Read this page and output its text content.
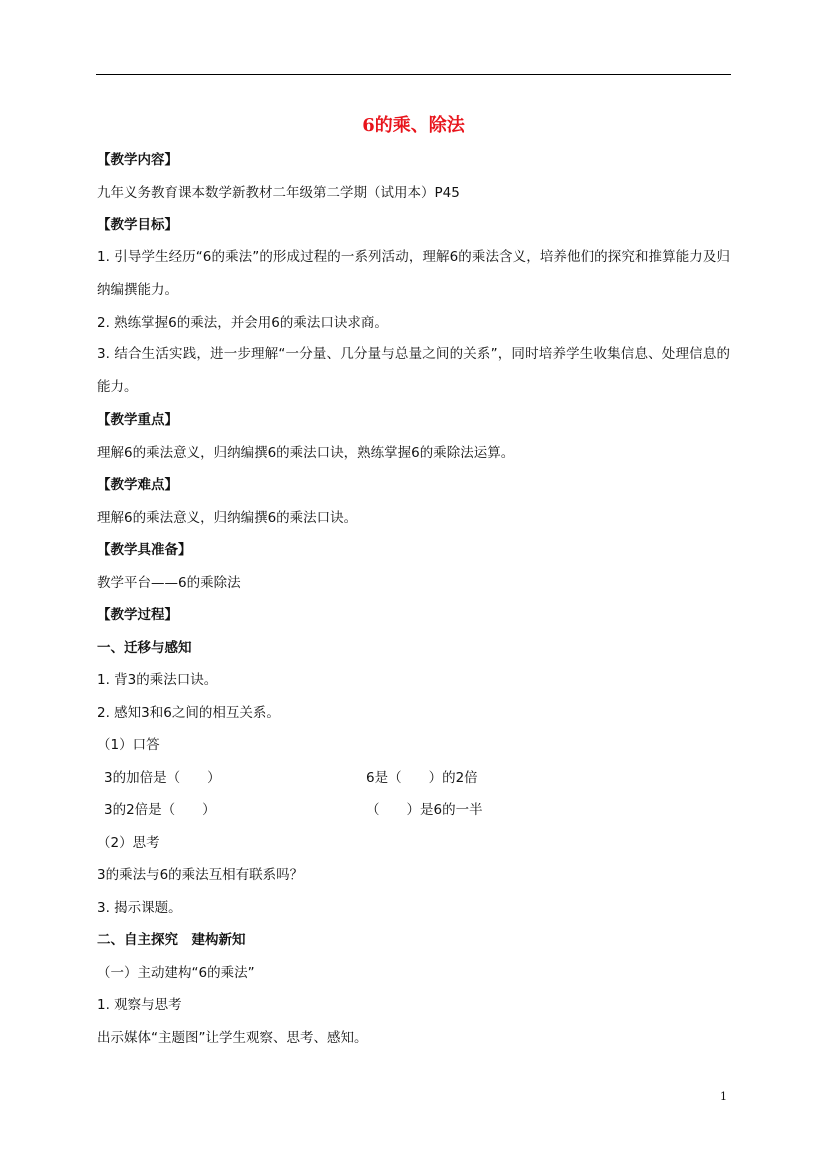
6的乘、除法
【教学内容】
九年义务教育课本数学新教材二年级第二学期（试用本）P45
【教学目标】
1. 引导学生经历“6的乘法”的形成过程的一系列活动，理解6的乘法含义，培养他们的探究和推算能力及归纳编撰能力。
2. 熟练掌握6的乘法，并会用6的乘法口诀求商。
3. 结合生活实践，进一步理解“一分量、几分量与总量之间的关系”，同时培养学生收集信息、处理信息的能力。
【教学重点】
理解6的乘法意义，归纳编撰6的乘法口诀，熟练掌握6的乘除法运算。
【教学难点】
理解6的乘法意义，归纳编撰6的乘法口诀。
【教学具准备】
教学平台——6的乘除法
【教学过程】
一、迁移与感知
1. 背3的乘法口诀。
2. 感知3和6之间的相互关系。
（1）口答
3的加倍是（　　）	6是（　　）的2倍
3的2倍是（　　）	（　　）是6的一半
（2）思考
3的乘法与6的乘法互相有联系吗？
3. 揭示课题。
二、自主探究　建构新知
（一）主动建构“6的乘法”
1. 观察与思考
出示媒体“主题图”让学生观察、思考、感知。
1
